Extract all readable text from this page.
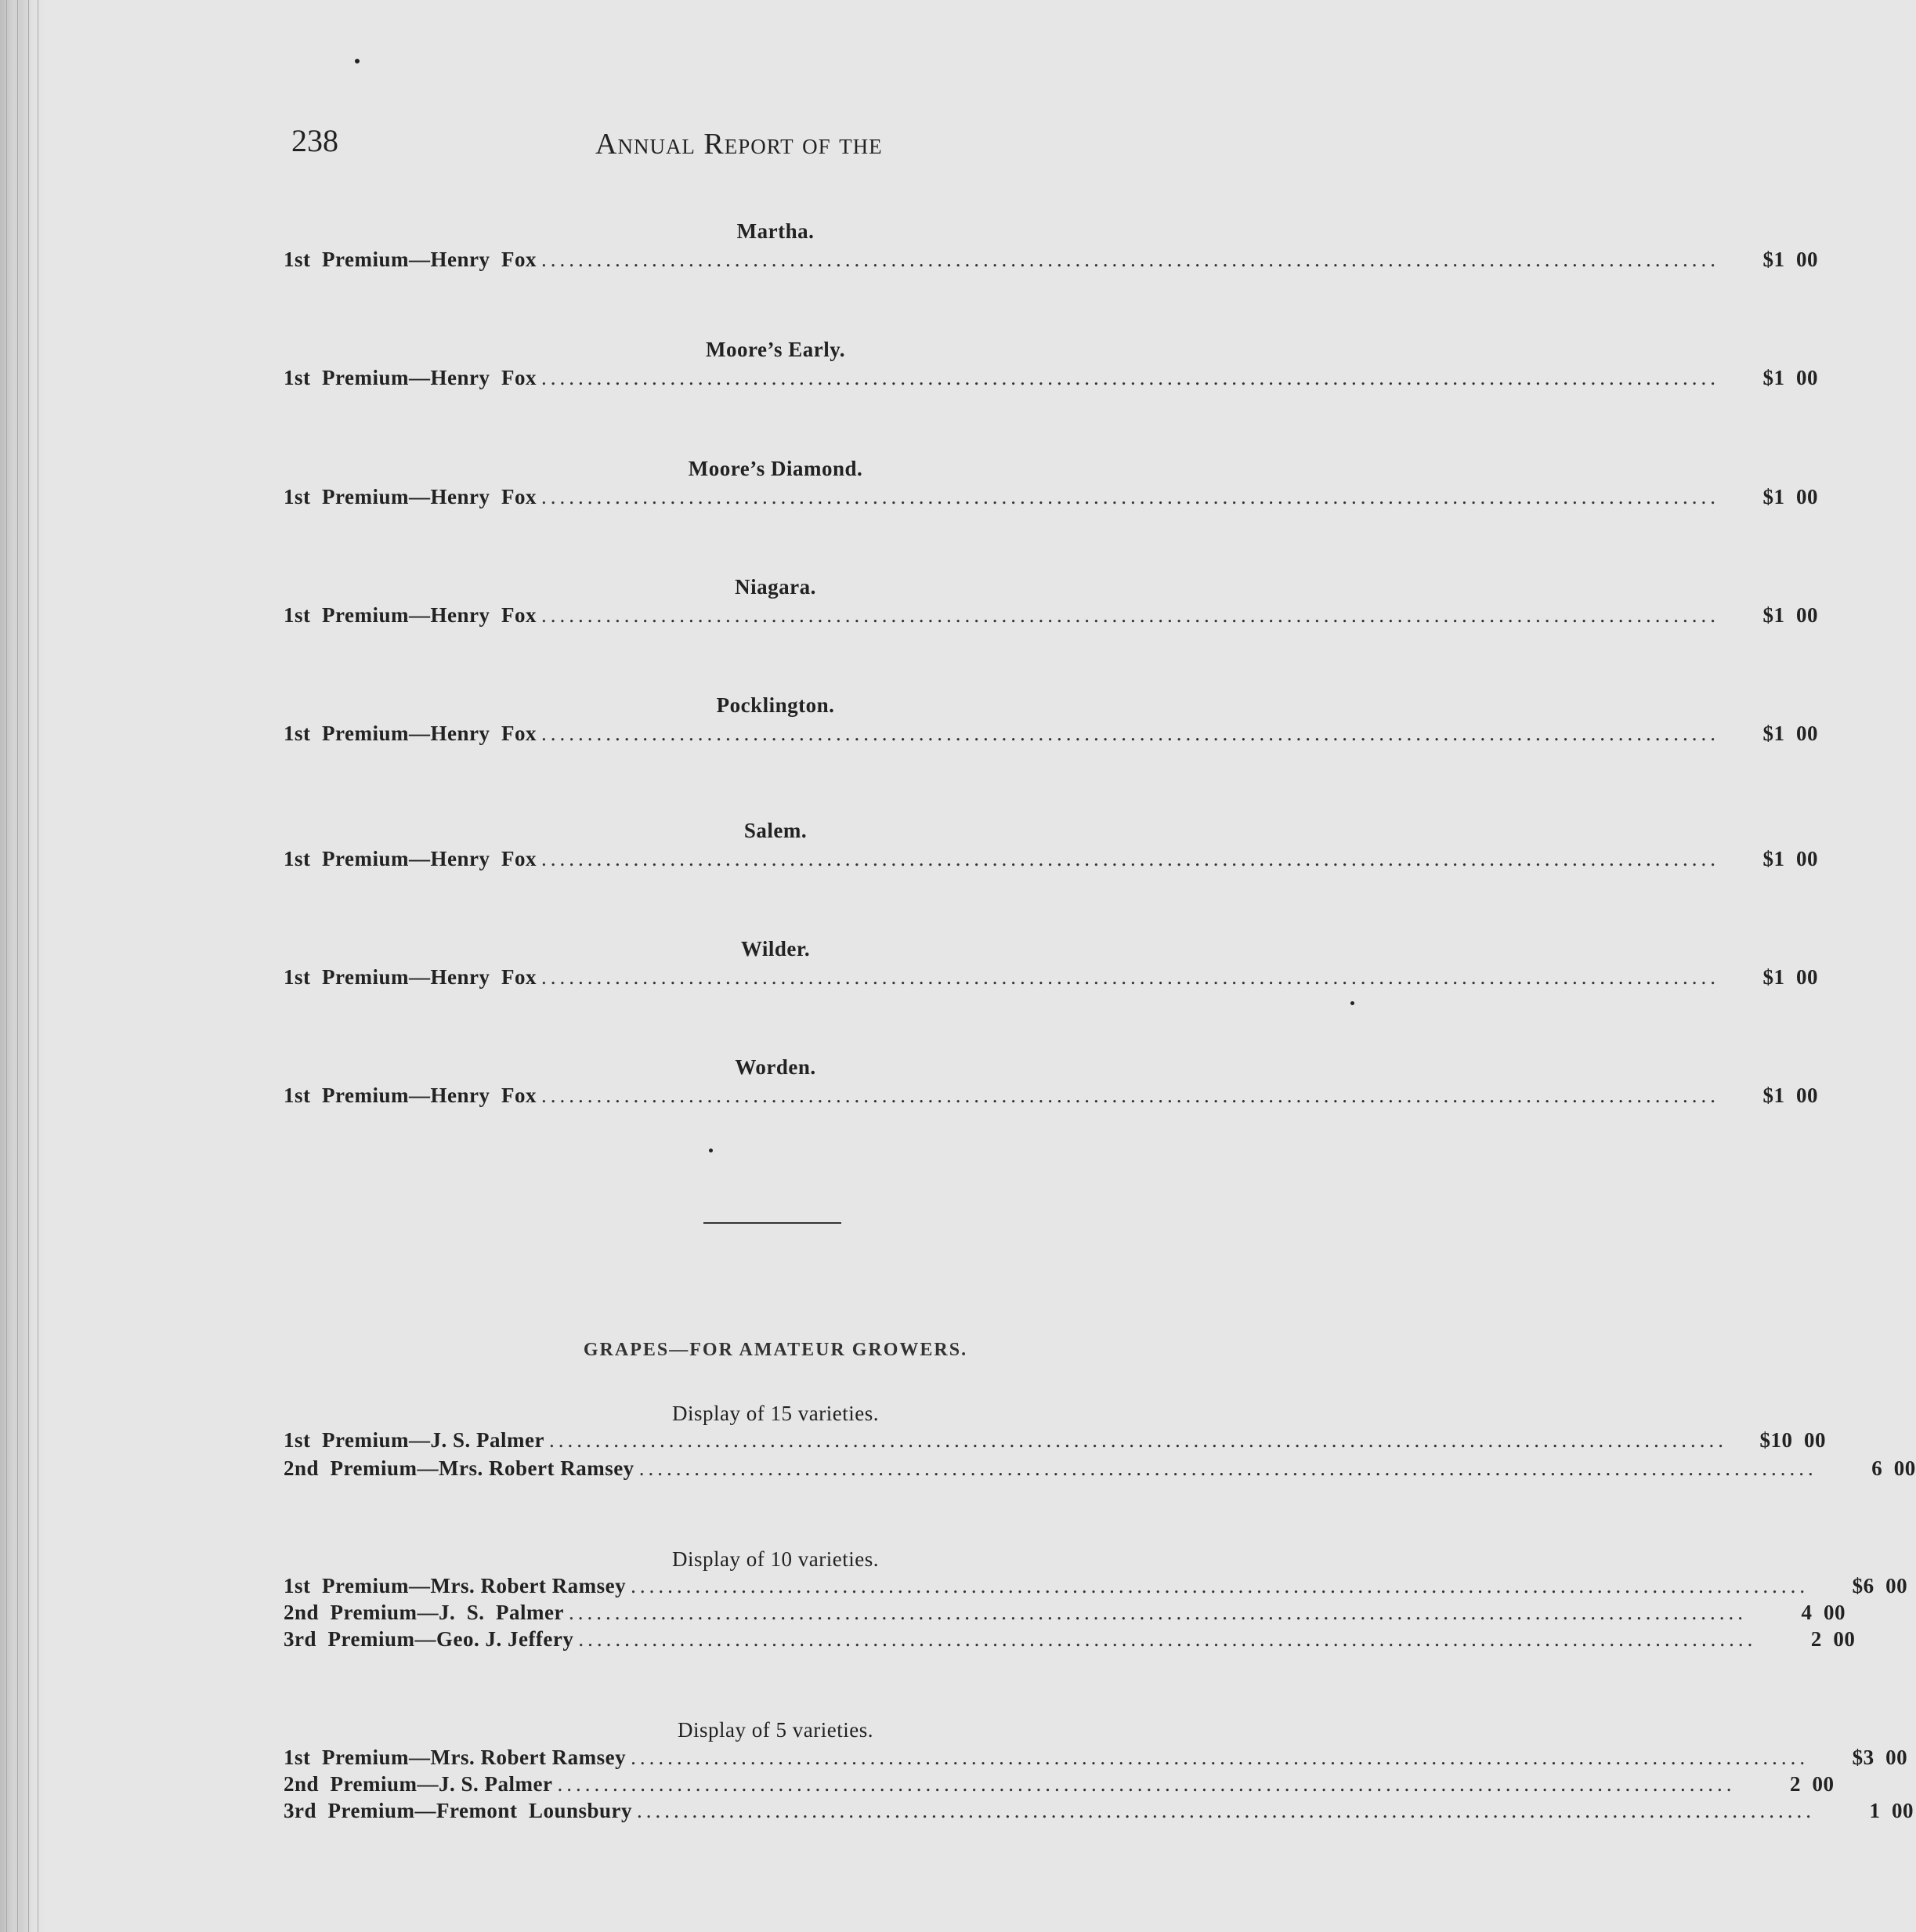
238	Annual Report of the
Martha.
1st  Premium—Henry  Fox ................................................................................................................................	$1  00
Moore’s Early.
1st  Premium—Henry  Fox ................................................................................................................................	$1  00
Moore’s Diamond.
1st  Premium—Henry  Fox ................................................................................................................................	$1  00
Niagara.
1st  Premium—Henry  Fox ................................................................................................................................	$1  00
Pocklington.
1st  Premium—Henry  Fox ................................................................................................................................	$1  00
Salem.
1st  Premium—Henry  Fox ................................................................................................................................	$1  00
Wilder.
1st  Premium—Henry  Fox ................................................................................................................................	$1  00
Worden.
1st  Premium—Henry  Fox ................................................................................................................................	$1  00
GRAPES—FOR AMATEUR GROWERS.
Display of 15 varieties.
1st  Premium—J. S. Palmer ................................................................................................................................	$10  00
2nd  Premium—Mrs. Robert Ramsey ................................................................................................................................	6  00
Display of 10 varieties.
1st  Premium—Mrs. Robert Ramsey ................................................................................................................................	$6  00
2nd  Premium—J.  S.  Palmer ................................................................................................................................	4  00
3rd  Premium—Geo. J. Jeffery ................................................................................................................................	2  00
Display of 5 varieties.
1st  Premium—Mrs. Robert Ramsey ................................................................................................................................	$3  00
2nd  Premium—J. S. Palmer ................................................................................................................................	2  00
3rd  Premium—Fremont  Lounsbury ................................................................................................................................	1  00
